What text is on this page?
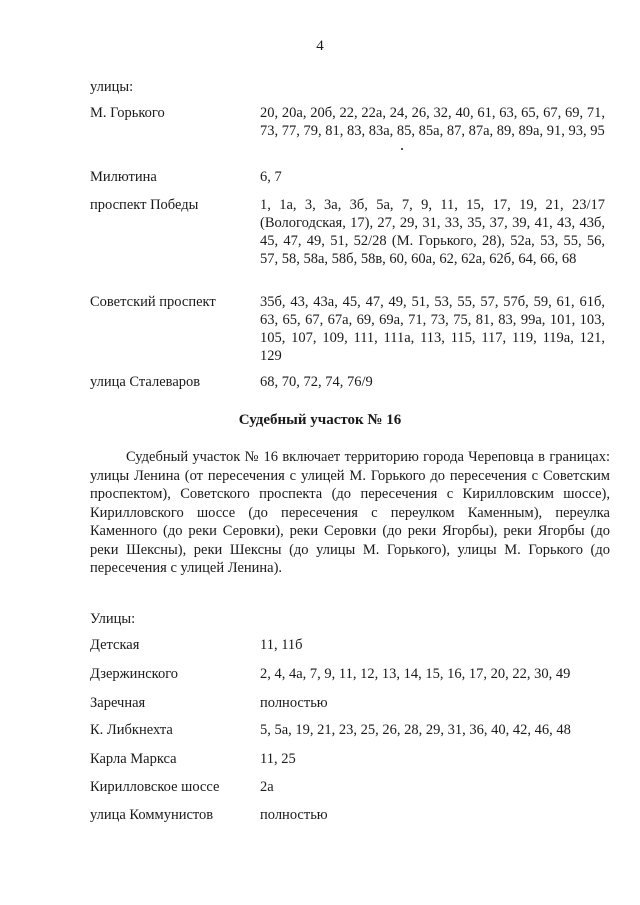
4
улицы:
М. Горького	20, 20а, 20б, 22, 22а, 24, 26, 32, 40, 61, 63, 65, 67, 69, 71, 73, 77, 79, 81, 83, 83а, 85, 85а, 87, 87а, 89, 89а, 91, 93, 95
Милютина	6, 7
проспект Победы	1, 1а, 3, 3а, 3б, 5а, 7, 9, 11, 15, 17, 19, 21, 23/17 (Вологодская, 17), 27, 29, 31, 33, 35, 37, 39, 41, 43, 43б, 45, 47, 49, 51, 52/28 (М. Горького, 28), 52а, 53, 55, 56, 57, 58, 58а, 58б, 58в, 60, 60а, 62, 62а, 62б, 64, 66, 68
Советский проспект	35б, 43, 43а, 45, 47, 49, 51, 53, 55, 57, 57б, 59, 61, 61б, 63, 65, 67, 67а, 69, 69а, 71, 73, 75, 81, 83, 99а, 101, 103, 105, 107, 109, 111, 111а, 113, 115, 117, 119, 119а, 121, 129
улица Сталеваров	68, 70, 72, 74, 76/9
Судебный участок № 16
Судебный участок № 16 включает территорию города Череповца в границах: улицы Ленина (от пересечения с улицей М. Горького до пересечения с Советским проспектом), Советского проспекта (до пересечения с Кирилловским шоссе), Кирилловского шоссе (до пересечения с переулком Каменным), переулка Каменного (до реки Серовки), реки Серовки (до реки Ягорбы), реки Ягорбы (до реки Шексны), реки Шексны (до улицы М. Горького), улицы М. Горького (до пересечения с улицей Ленина).
Улицы:
Детская	11, 11б
Дзержинского	2, 4, 4а, 7, 9, 11, 12, 13, 14, 15, 16, 17, 20, 22, 30, 49
Заречная	полностью
К. Либкнехта	5, 5а, 19, 21, 23, 25, 26, 28, 29, 31, 36, 40, 42, 46, 48
Карла Маркса	11, 25
Кирилловское шоссе	2а
улица Коммунистов	полностью
